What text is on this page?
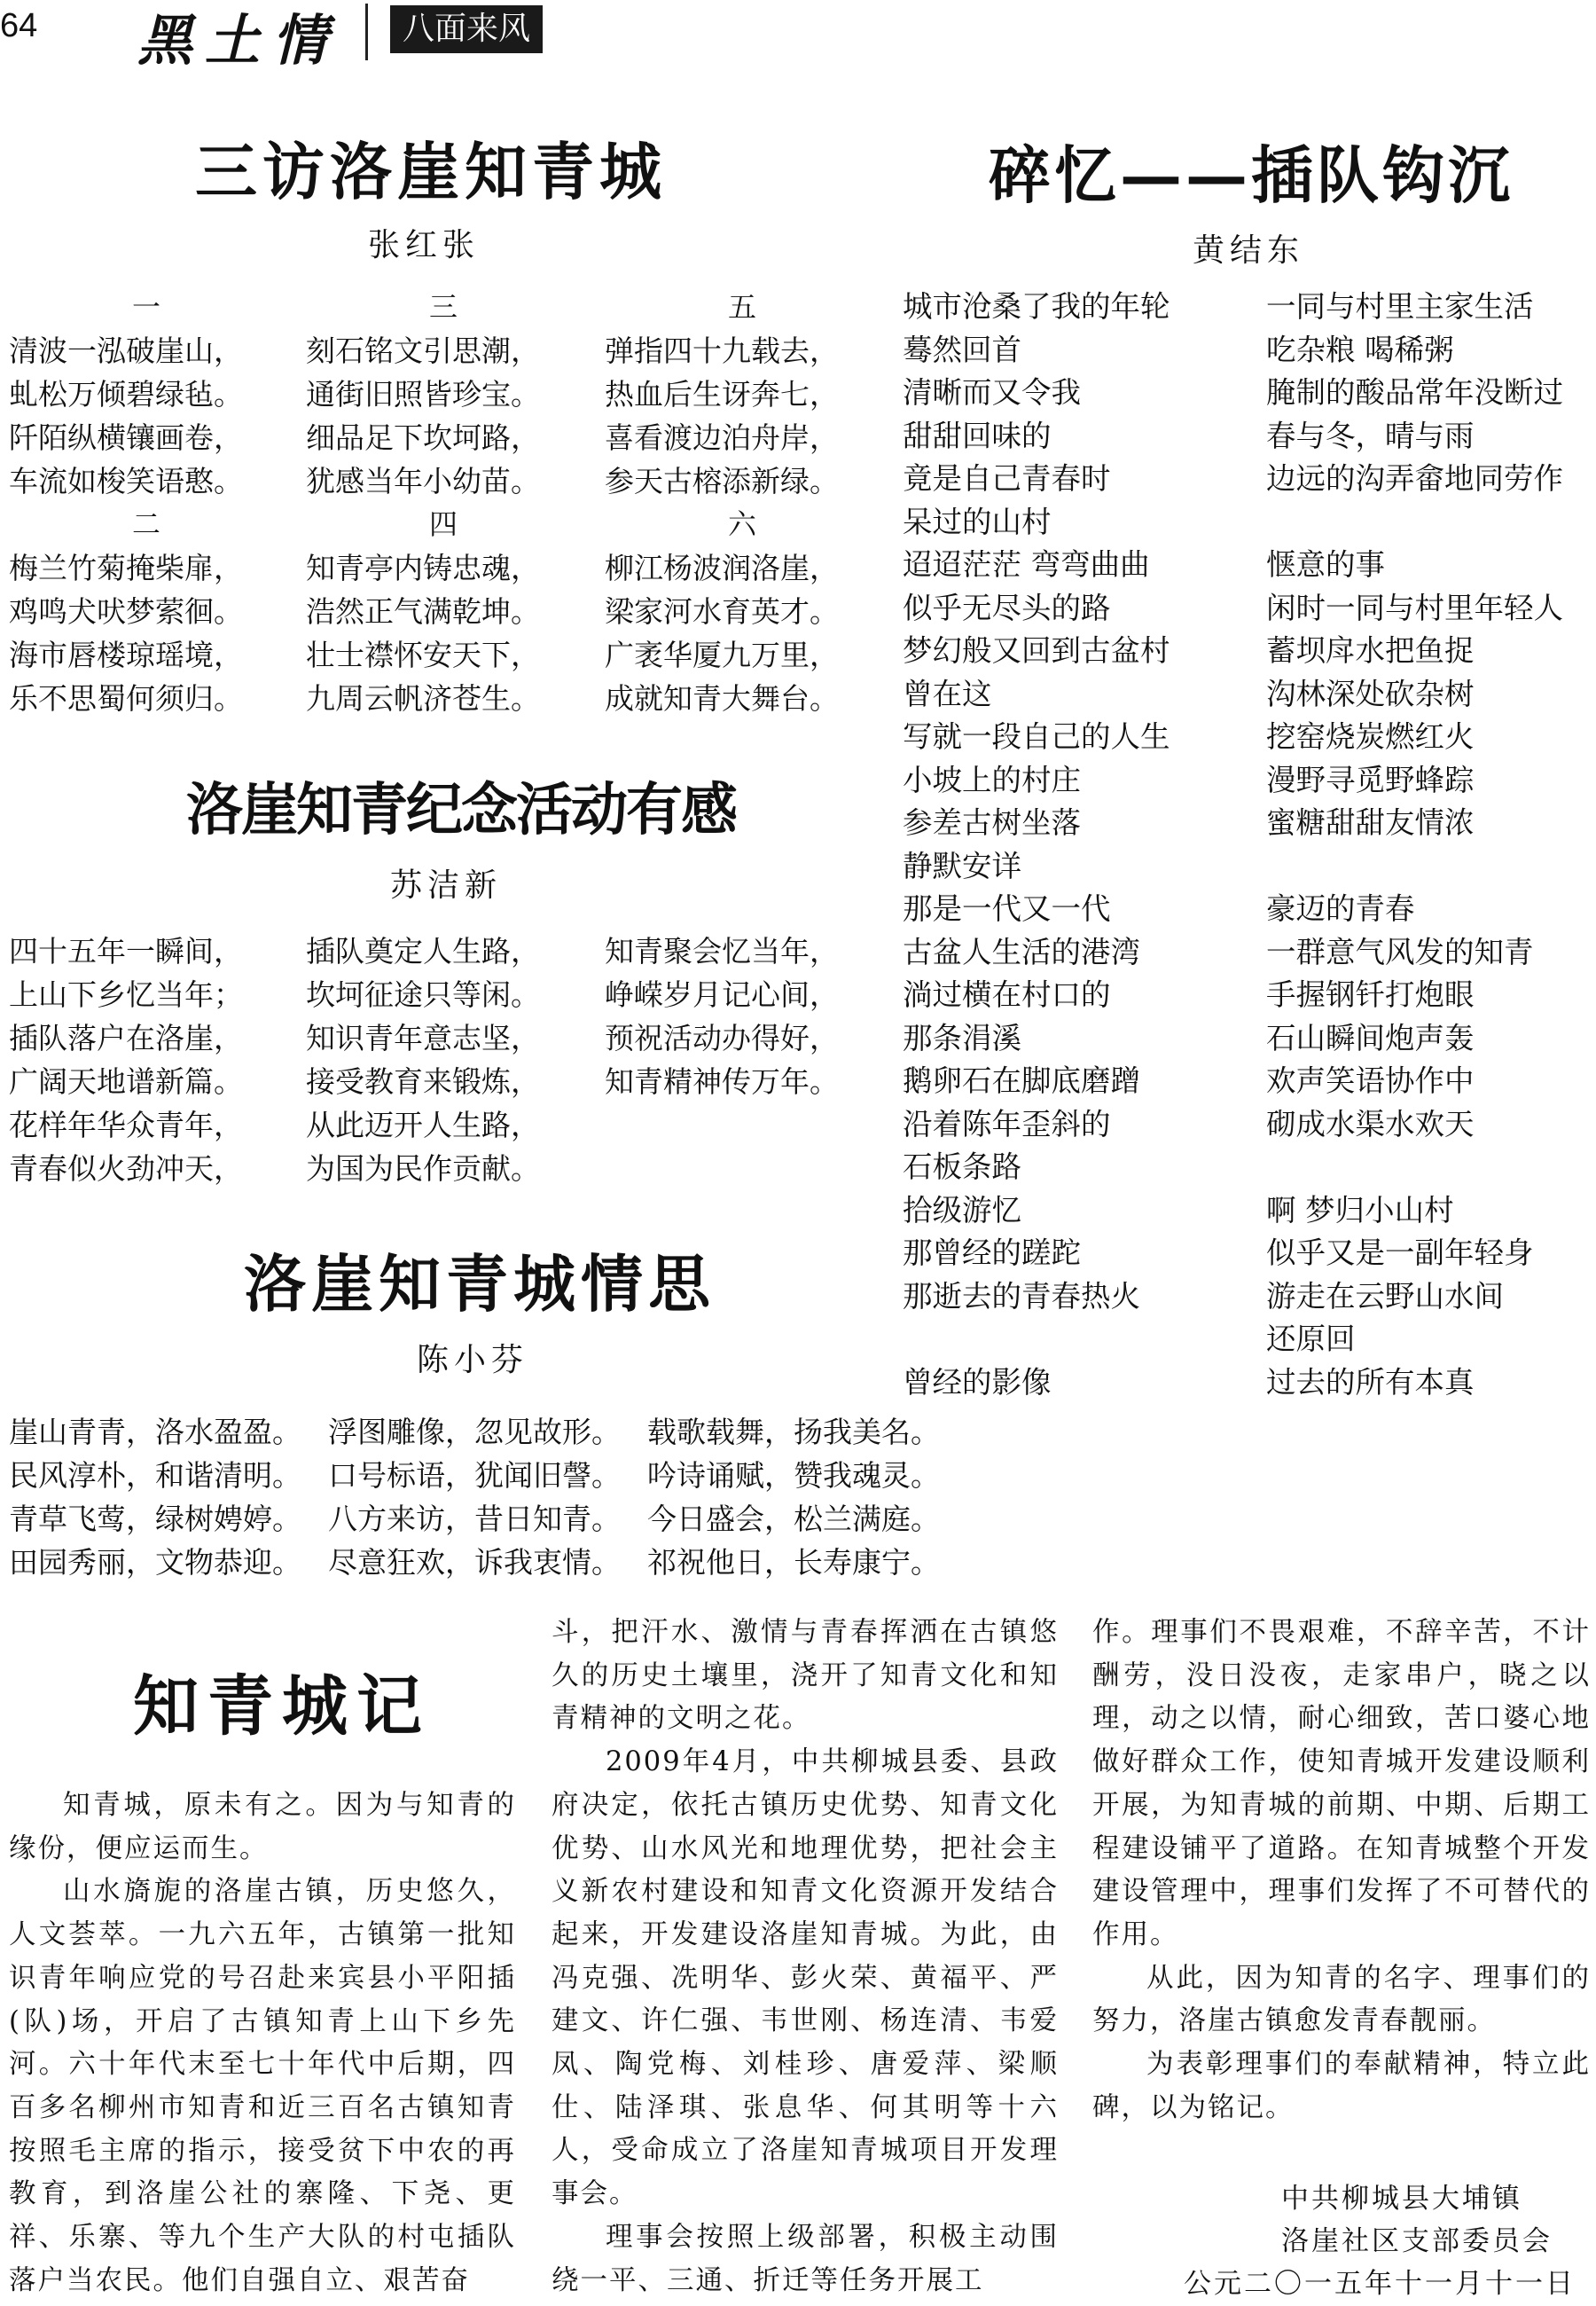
64 黑土情	八面来风
三访洛崖知青城
张红张
一
清波一泓破崖山，
虬松万倾碧绿毡。
阡陌纵横镶画卷，
车流如梭笑语憨。
二
梅兰竹菊掩柴扉，
鸡鸣犬吠梦萦徊。
海市唇楼琼瑶境，
乐不思蜀何须归。
三
刻石铭文引思潮，
通街旧照皆珍宝。
细品足下坎坷路，
犹感当年小幼苗。
四
知青亭内铸忠魂，
浩然正气满乾坤。
壮士襟怀安天下，
九周云帆济苍生。
五
弹指四十九载去，
热血后生讶奔七，
喜看渡边泊舟岸，
参天古榕添新绿。
六
柳江杨波润洛崖，
梁家河水育英才。
广袤华厦九万里，
成就知青大舞台。
洛崖知青纪念活动有感
苏洁新
四十五年一瞬间，
上山下乡忆当年；
插队落户在洛崖，
广阔天地谱新篇。
花样年华众青年，
青春似火劲冲天，
插队奠定人生路，
坎坷征途只等闲。
知识青年意志坚，
接受教育来锻炼，
从此迈开人生路，
为国为民作贡献。
知青聚会忆当年，
峥嵘岁月记心间，
预祝活动办得好，
知青精神传万年。
洛崖知青城情思
陈小芬
崖山青青，洛水盈盈。
民风淳朴，和谐清明。
青草飞莺，绿树娉婷。
田园秀丽，文物恭迎。
浮图雕像，忽见故形。
口号标语，犹闻旧謦。
八方来访，昔日知青。
尽意狂欢，诉我衷情。
载歌载舞，扬我美名。
吟诗诵赋，赞我魂灵。
今日盛会，松兰满庭。
祁祝他日，长寿康宁。
碎忆——插队钩沉
黄结东
城市沧桑了我的年轮
蓦然回首
清晰而又令我
甜甜回味的
竟是自己青春时
呆过的山村
迢迢茫茫 弯弯曲曲
似乎无尽头的路
梦幻般又回到古盆村
曾在这
写就一段自己的人生
小坡上的村庄
参差古树坐落
静默安详
那是一代又一代
古盆人生活的港湾
淌过横在村口的
那条涓溪
鹅卵石在脚底磨蹭
沿着陈年歪斜的
石板条路
拾级游忆
那曾经的蹉跎
那逝去的青春热火
曾经的影像
一同与村里主家生活
吃杂粮 喝稀粥
腌制的酸品常年没断过
春与冬，晴与雨
边远的沟弄畲地同劳作
惬意的事
闲时一同与村里年轻人
蓄坝戽水把鱼捉
沟林深处砍杂树
挖窑烧炭燃红火
漫野寻觅野蜂踪
蜜糖甜甜友情浓
豪迈的青春
一群意气风发的知青
手握钢钎打炮眼
石山瞬间炮声轰
欢声笑语协作中
砌成水渠水欢天
啊 梦归小山村
似乎又是一副年轻身
游走在云野山水间
还原回
过去的所有本真
知青城记

知青城，原未有之。因为与知青的缘份，便应运而生。

山水旖旎的洛崖古镇，历史悠久，人文荟萃。一九六五年，古镇第一批知识青年响应党的号召赴来宾县小平阳插(队)场，开启了古镇知青上山下乡先河。六十年代末至七十年代中后期，四百多名柳州市知青和近三百名古镇知青按照毛主席的指示，接受贫下中农的再教育，到洛崖公社的寨隆、下尧、更祥、乐寨、等九个生产大队的村屯插队落户当农民。他们自强自立、艰苦奋

斗，把汗水、激情与青春挥洒在古镇悠久的历史土壤里，浇开了知青文化和知青精神的文明之花。

2009年4月，中共柳城县委、县政府决定，依托古镇历史优势、知青文化优势、山水风光和地理优势，把社会主义新农村建设和知青文化资源开发结合起来，开发建设洛崖知青城。为此，由冯克强、冼明华、彭火荣、黄福平、严建文、许仁强、韦世刚、杨连清、韦爱凤、陶党梅、刘桂珍、唐爱萍、梁顺仕、陆泽琪、张息华、何其明等十六人，受命成立了洛崖知青城项目开发理事会。

理事会按照上级部署，积极主动围绕一平、三通、折迁等任务开展工

作。理事们不畏艰难，不辞辛苦，不计酬劳，没日没夜，走家串户，晓之以理，动之以情，耐心细致，苦口婆心地做好群众工作，使知青城开发建设顺利开展，为知青城的前期、中期、后期工程建设铺平了道路。在知青城整个开发建设管理中，理事们发挥了不可替代的作用。

从此，因为知青的名字、理事们的努力，洛崖古镇愈发青春靓丽。

为表彰理事们的奉献精神，特立此碑，以为铭记。

中共柳城县大埔镇
洛崖社区支部委员会
公元二〇一五年十一月十一日
